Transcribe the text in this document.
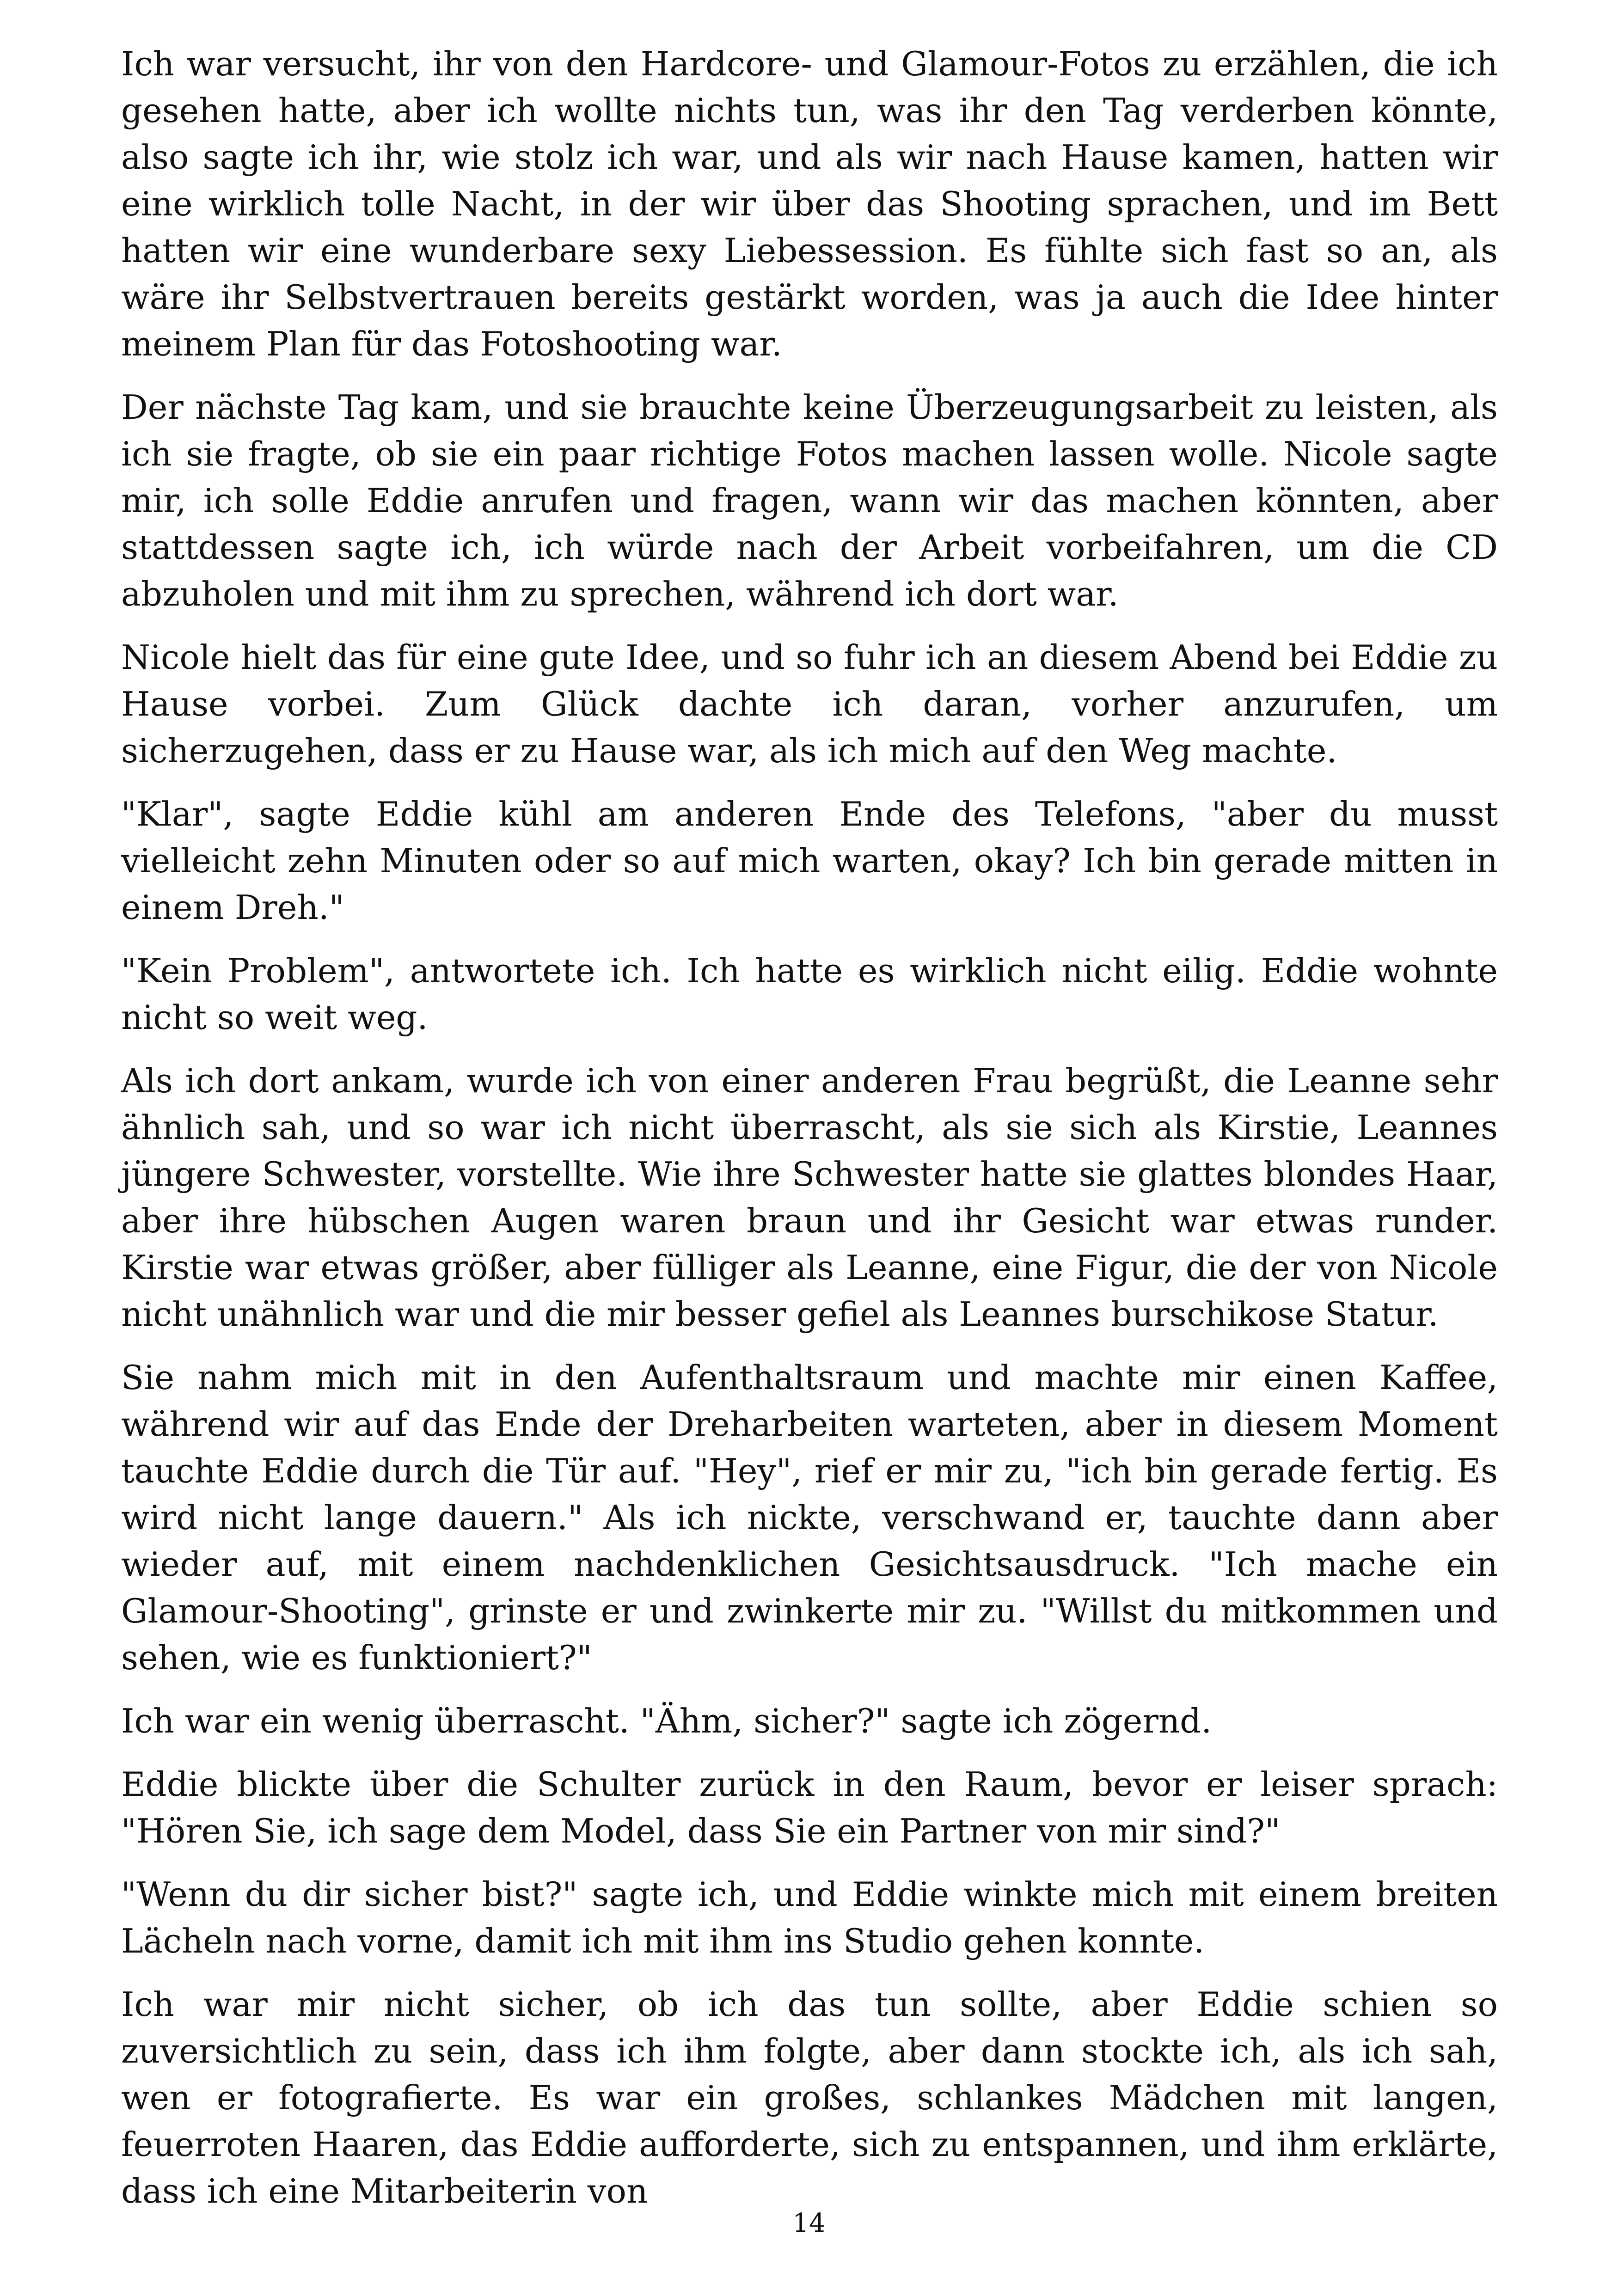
Ich war versucht, ihr von den Hardcore- und Glamour-Fotos zu erzählen, die ich gesehen hatte, aber ich wollte nichts tun, was ihr den Tag verderben könnte, also sagte ich ihr, wie stolz ich war, und als wir nach Hause kamen, hatten wir eine wirklich tolle Nacht, in der wir über das Shooting sprachen, und im Bett hatten wir eine wunderbare sexy Liebessession. Es fühlte sich fast so an, als wäre ihr Selbstvertrauen bereits gestärkt worden, was ja auch die Idee hinter meinem Plan für das Fotoshooting war.

Der nächste Tag kam, und sie brauchte keine Überzeugungsarbeit zu leisten, als ich sie fragte, ob sie ein paar richtige Fotos machen lassen wolle. Nicole sagte mir, ich solle Eddie anrufen und fragen, wann wir das machen könnten, aber stattdessen sagte ich, ich würde nach der Arbeit vorbeifahren, um die CD abzuholen und mit ihm zu sprechen, während ich dort war.

Nicole hielt das für eine gute Idee, und so fuhr ich an diesem Abend bei Eddie zu Hause vorbei. Zum Glück dachte ich daran, vorher anzurufen, um sicherzugehen, dass er zu Hause war, als ich mich auf den Weg machte.

"Klar", sagte Eddie kühl am anderen Ende des Telefons, "aber du musst vielleicht zehn Minuten oder so auf mich warten, okay? Ich bin gerade mitten in einem Dreh."

"Kein Problem", antwortete ich. Ich hatte es wirklich nicht eilig. Eddie wohnte nicht so weit weg.

Als ich dort ankam, wurde ich von einer anderen Frau begrüßt, die Leanne sehr ähnlich sah, und so war ich nicht überrascht, als sie sich als Kirstie, Leannes jüngere Schwester, vorstellte. Wie ihre Schwester hatte sie glattes blondes Haar, aber ihre hübschen Augen waren braun und ihr Gesicht war etwas runder. Kirstie war etwas größer, aber fülliger als Leanne, eine Figur, die der von Nicole nicht unähnlich war und die mir besser gefiel als Leannes burschikose Statur.

Sie nahm mich mit in den Aufenthaltsraum und machte mir einen Kaffee, während wir auf das Ende der Dreharbeiten warteten, aber in diesem Moment tauchte Eddie durch die Tür auf. "Hey", rief er mir zu, "ich bin gerade fertig. Es wird nicht lange dauern." Als ich nickte, verschwand er, tauchte dann aber wieder auf, mit einem nachdenklichen Gesichtsausdruck. "Ich mache ein Glamour-Shooting", grinste er und zwinkerte mir zu. "Willst du mitkommen und sehen, wie es funktioniert?"

Ich war ein wenig überrascht. "Ähm, sicher?" sagte ich zögernd.

Eddie blickte über die Schulter zurück in den Raum, bevor er leiser sprach: "Hören Sie, ich sage dem Model, dass Sie ein Partner von mir sind?"

"Wenn du dir sicher bist?" sagte ich, und Eddie winkte mich mit einem breiten Lächeln nach vorne, damit ich mit ihm ins Studio gehen konnte.

Ich war mir nicht sicher, ob ich das tun sollte, aber Eddie schien so zuversichtlich zu sein, dass ich ihm folgte, aber dann stockte ich, als ich sah, wen er fotografierte. Es war ein großes, schlankes Mädchen mit langen, feuerroten Haaren, das Eddie aufforderte, sich zu entspannen, und ihm erklärte, dass ich eine Mitarbeiterin von

14
